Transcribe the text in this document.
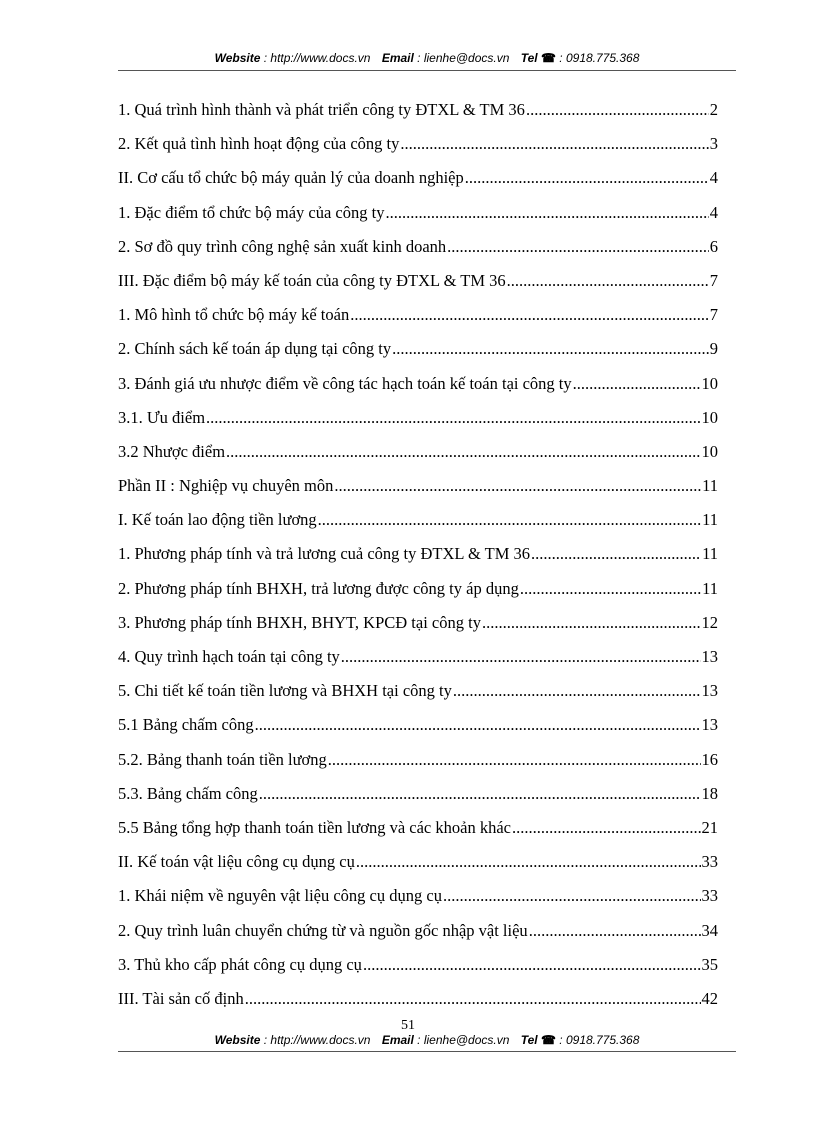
Website : http://www.docs.vn Email : lienhe@docs.vn Tel ☎ : 0918.775.368
1. Quá trình hình thành và phát triển công ty ĐTXL & TM 36 .....	2
2. Kết quả tình hình hoạt động của công ty .....	3
II. Cơ cấu tổ chức bộ máy quản lý của doanh nghiệp .....	4
1. Đặc điểm tổ chức bộ máy của công ty .....	4
2. Sơ đồ quy trình công nghệ sản xuất kinh doanh .....	6
III. Đặc điểm bộ máy kế toán của công ty ĐTXL & TM 36 .....	7
1. Mô hình tổ chức bộ máy kế toán .....	7
2. Chính sách kế toán áp dụng tại công ty .....	9
3. Đánh giá ưu nhược điểm về công tác hạch toán kế toán tại công ty .....	10
3.1. Ưu điểm .....	10
3.2 Nhược điểm .....	10
Phần II : Nghiệp vụ chuyên môn .....	11
I. Kế toán lao động tiền lương .....	11
1. Phương pháp tính và trả lương cuả công ty ĐTXL & TM 36 .....	11
2. Phương pháp tính BHXH, trả lương được công ty áp dụng .....	11
3. Phương pháp tính BHXH, BHYT, KPCĐ tại công ty .....	12
4. Quy trình hạch toán tại công ty .....	13
5. Chi tiết kế toán tiền lương và BHXH tại công ty .....	13
5.1 Bảng chấm công .....	13
5.2. Bảng thanh toán tiền lương .....	16
5.3. Bảng chấm công .....	18
5.5 Bảng tổng hợp thanh toán tiền lương và các khoản khác .....	21
II. Kế toán vật liệu công cụ dụng cụ .....	33
1. Khái niệm về nguyên vật liệu công cụ dụng cụ .....	33
2. Quy trình luân chuyển chứng từ và nguồn gốc nhập vật liệu .....	34
3. Thủ kho cấp phát công cụ dụng cụ .....	35
III. Tài sản cố định .....	42
51
Website : http://www.docs.vn Email : lienhe@docs.vn Tel ☎ : 0918.775.368
